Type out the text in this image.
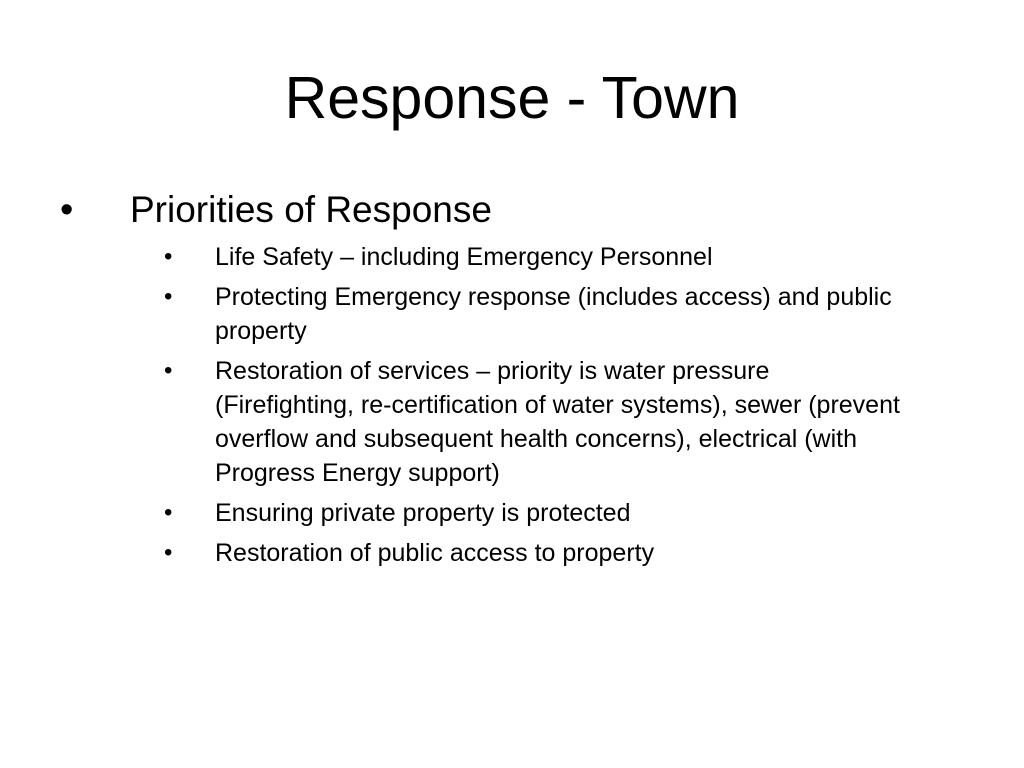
Response - Town
• Priorities of Response
• Life Safety – including Emergency Personnel
• Protecting Emergency response (includes access) and public property
• Restoration of services – priority is water pressure (Firefighting, re-certification of water systems), sewer (prevent overflow and subsequent health concerns), electrical (with Progress Energy support)
• Ensuring private property is protected
• Restoration of public access to property
